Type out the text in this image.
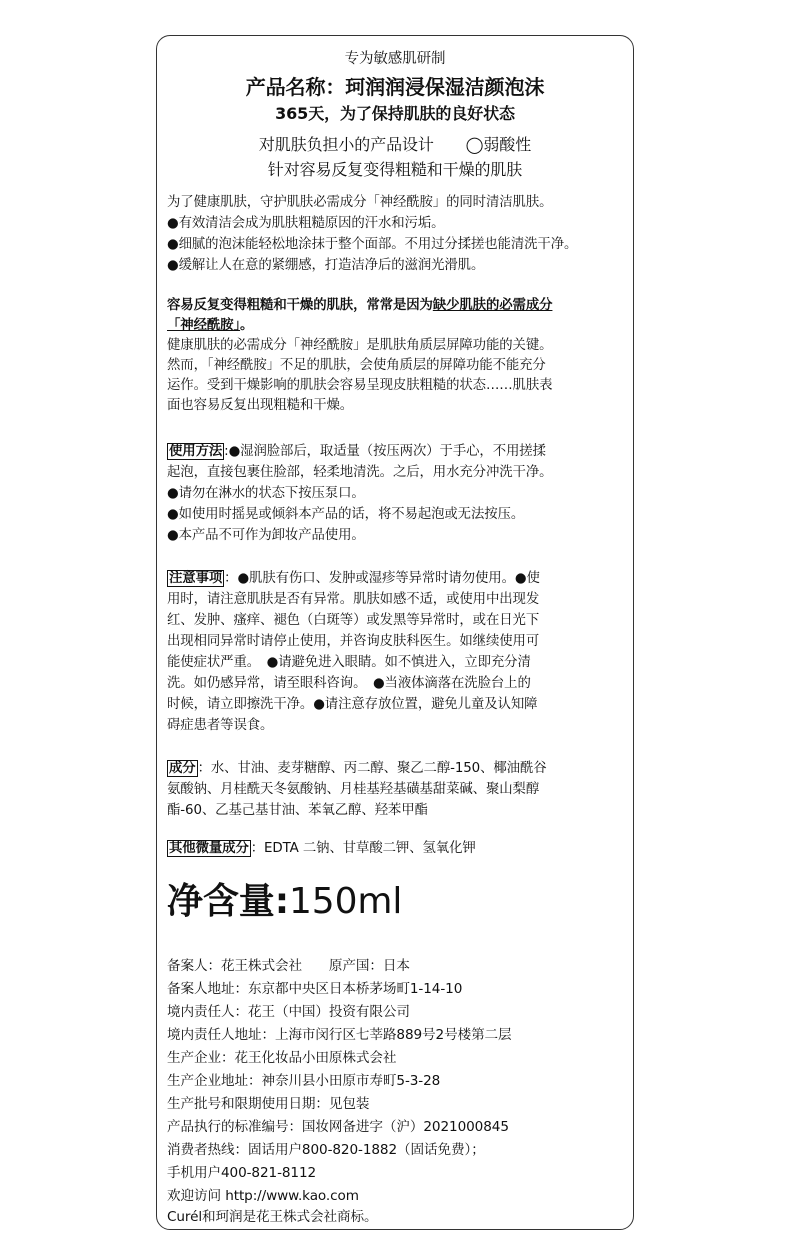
专为敏感肌研制
产品名称：珂润润浸保湿洁颜泡沫
365天，为了保持肌肤的良好状态
对肌肤负担小的产品设计　　◯弱酸性
针对容易反复变得粗糙和干燥的肌肤
为了健康肌肤，守护肌肤必需成分「神经酰胺」的同时清洁肌肤。
●有效清洁会成为肌肤粗糙原因的汗水和污垢。
●细腻的泡沫能轻松地涂抹于整个面部。不用过分揉搓也能清洗干净。
●缓解让人在意的紧绷感，打造洁净后的滋润光滑肌。
容易反复变得粗糙和干燥的肌肤，常常是因为缺少肌肤的必需成分
「神经酰胺」。
健康肌肤的必需成分「神经酰胺」是肌肤角质层屏障功能的关键。
然而，「神经酰胺」不足的肌肤，会使角质层的屏障功能不能充分
运作。受到干燥影响的肌肤会容易呈现皮肤粗糙的状态……肌肤表
面也容易反复出现粗糙和干燥。
使用方法 :●湿润脸部后，取适量（按压两次）于手心，不用搓揉
起泡，直接包裹住脸部，轻柔地清洗。之后，用水充分冲洗干净。
●请勿在淋水的状态下按压泵口。
●如使用时摇晃或倾斜本产品的话，将不易起泡或无法按压。
●本产品不可作为卸妆产品使用。
注意事项 ：●肌肤有伤口、发肿或湿疹等异常时请勿使用。●使
用时，请注意肌肤是否有异常。肌肤如感不适，或使用中出现发
红、发肿、瘙痒、褪色（白斑等）或发黑等异常时，或在日光下
出现相同异常时请停止使用，并咨询皮肤科医生。如继续使用可
能使症状严重。　●请避免进入眼睛。如不慎进入，立即充分清
洗。如仍感异常，请至眼科咨询。　●当液体滴落在洗脸台上的
时候，请立即擦洗干净。●请注意存放位置，避免儿童及认知障
碍症患者等误食。
成分 ：水、甘油、麦芽糖醇、丙二醇、聚乙二醇-150、椰油酰谷
氨酸钠、月桂酰天冬氨酸钠、月桂基羟基磺基甜菜碱、聚山梨醇
酯-60、乙基己基甘油、苯氧乙醇、羟苯甲酯
其他微量成分 ：EDTA 二钠、甘草酸二钾、氢氧化钾
净含量:150ml
备案人：花王株式会社　　原产国：日本
备案人地址：东京都中央区日本桥茅场町1-14-10
境内责任人：花王（中国）投资有限公司
境内责任人地址：上海市闵行区七莘路889号2号楼第二层
生产企业：花王化妆品小田原株式会社
生产企业地址：神奈川县小田原市寿町5-3-28
生产批号和限期使用日期：见包装
产品执行的标准编号：国妆网备进字（沪）2021000845
消费者热线：固话用户800-820-1882（固话免费）；
手机用户400-821-8112
欢迎访问 http://www.kao.com
Curél和珂润是花王株式会社商标。
